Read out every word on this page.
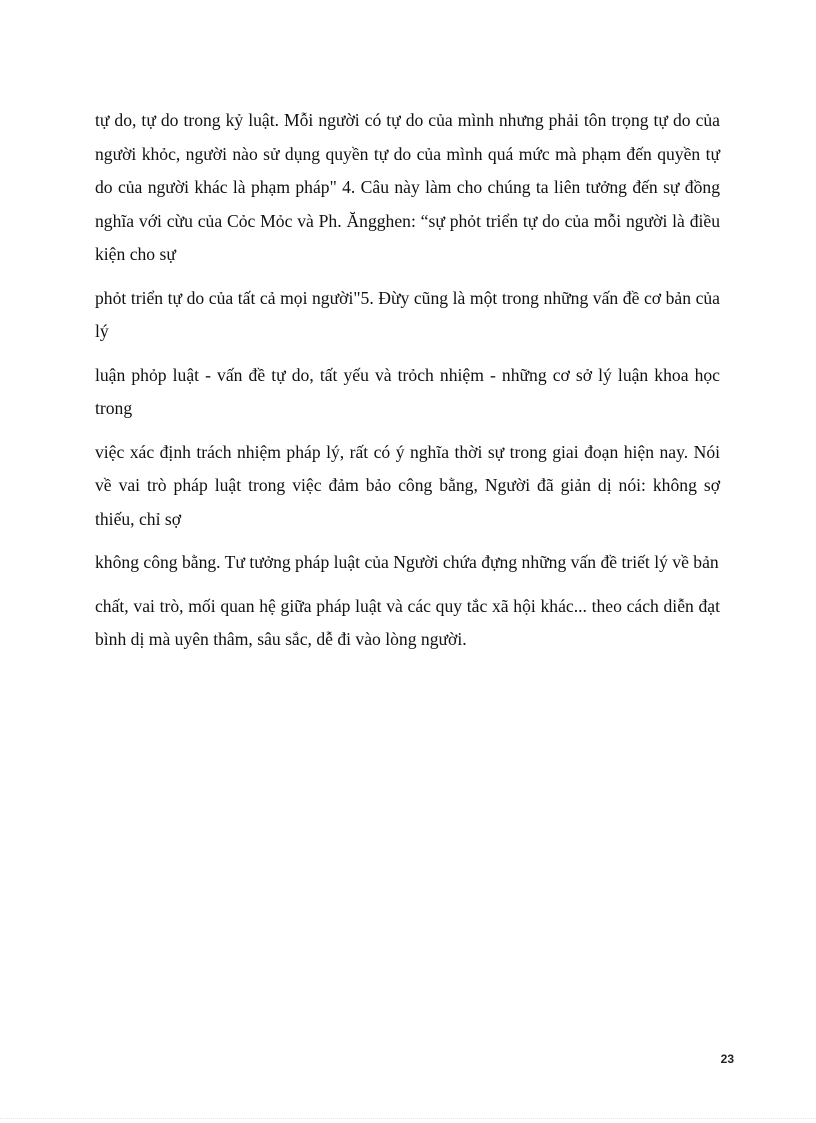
tự do, tự do trong kỷ luật. Mỗi người có tự do của mình nhưng phải tôn trọng tự do của người khỏc, người nào sử dụng quyền tự do của mình quá mức mà phạm đến quyền tự do của người khác là phạm pháp" 4. Câu này làm cho chúng ta liên tưởng đến sự đồng nghĩa với cừu của Cỏc Mỏc và Ph. Ăngghen: “sự phỏt triển tự do của mỗi người là điều kiện cho sự

phỏt triển tự do của tất cả mọi người"5. Đừy cũng là một trong những vấn đề cơ bản của lý

luận phỏp luật - vấn đề tự do, tất yếu và trỏch nhiệm - những cơ sở lý luận khoa học trong

việc xác định trách nhiệm pháp lý, rất có ý nghĩa thời sự trong giai đoạn hiện nay. Nói về vai trò pháp luật trong việc đảm bảo công bằng, Người đã giản dị nói: không sợ thiếu, chỉ sợ

không công bằng. Tư tưởng pháp luật của Người chứa đựng những vấn đề triết lý về bản

chất, vai trò, mối quan hệ giữa pháp luật và các quy tắc xã hội khác... theo cách diễn đạt bình dị mà uyên thâm, sâu sắc, dễ đi vào lòng người.

23
